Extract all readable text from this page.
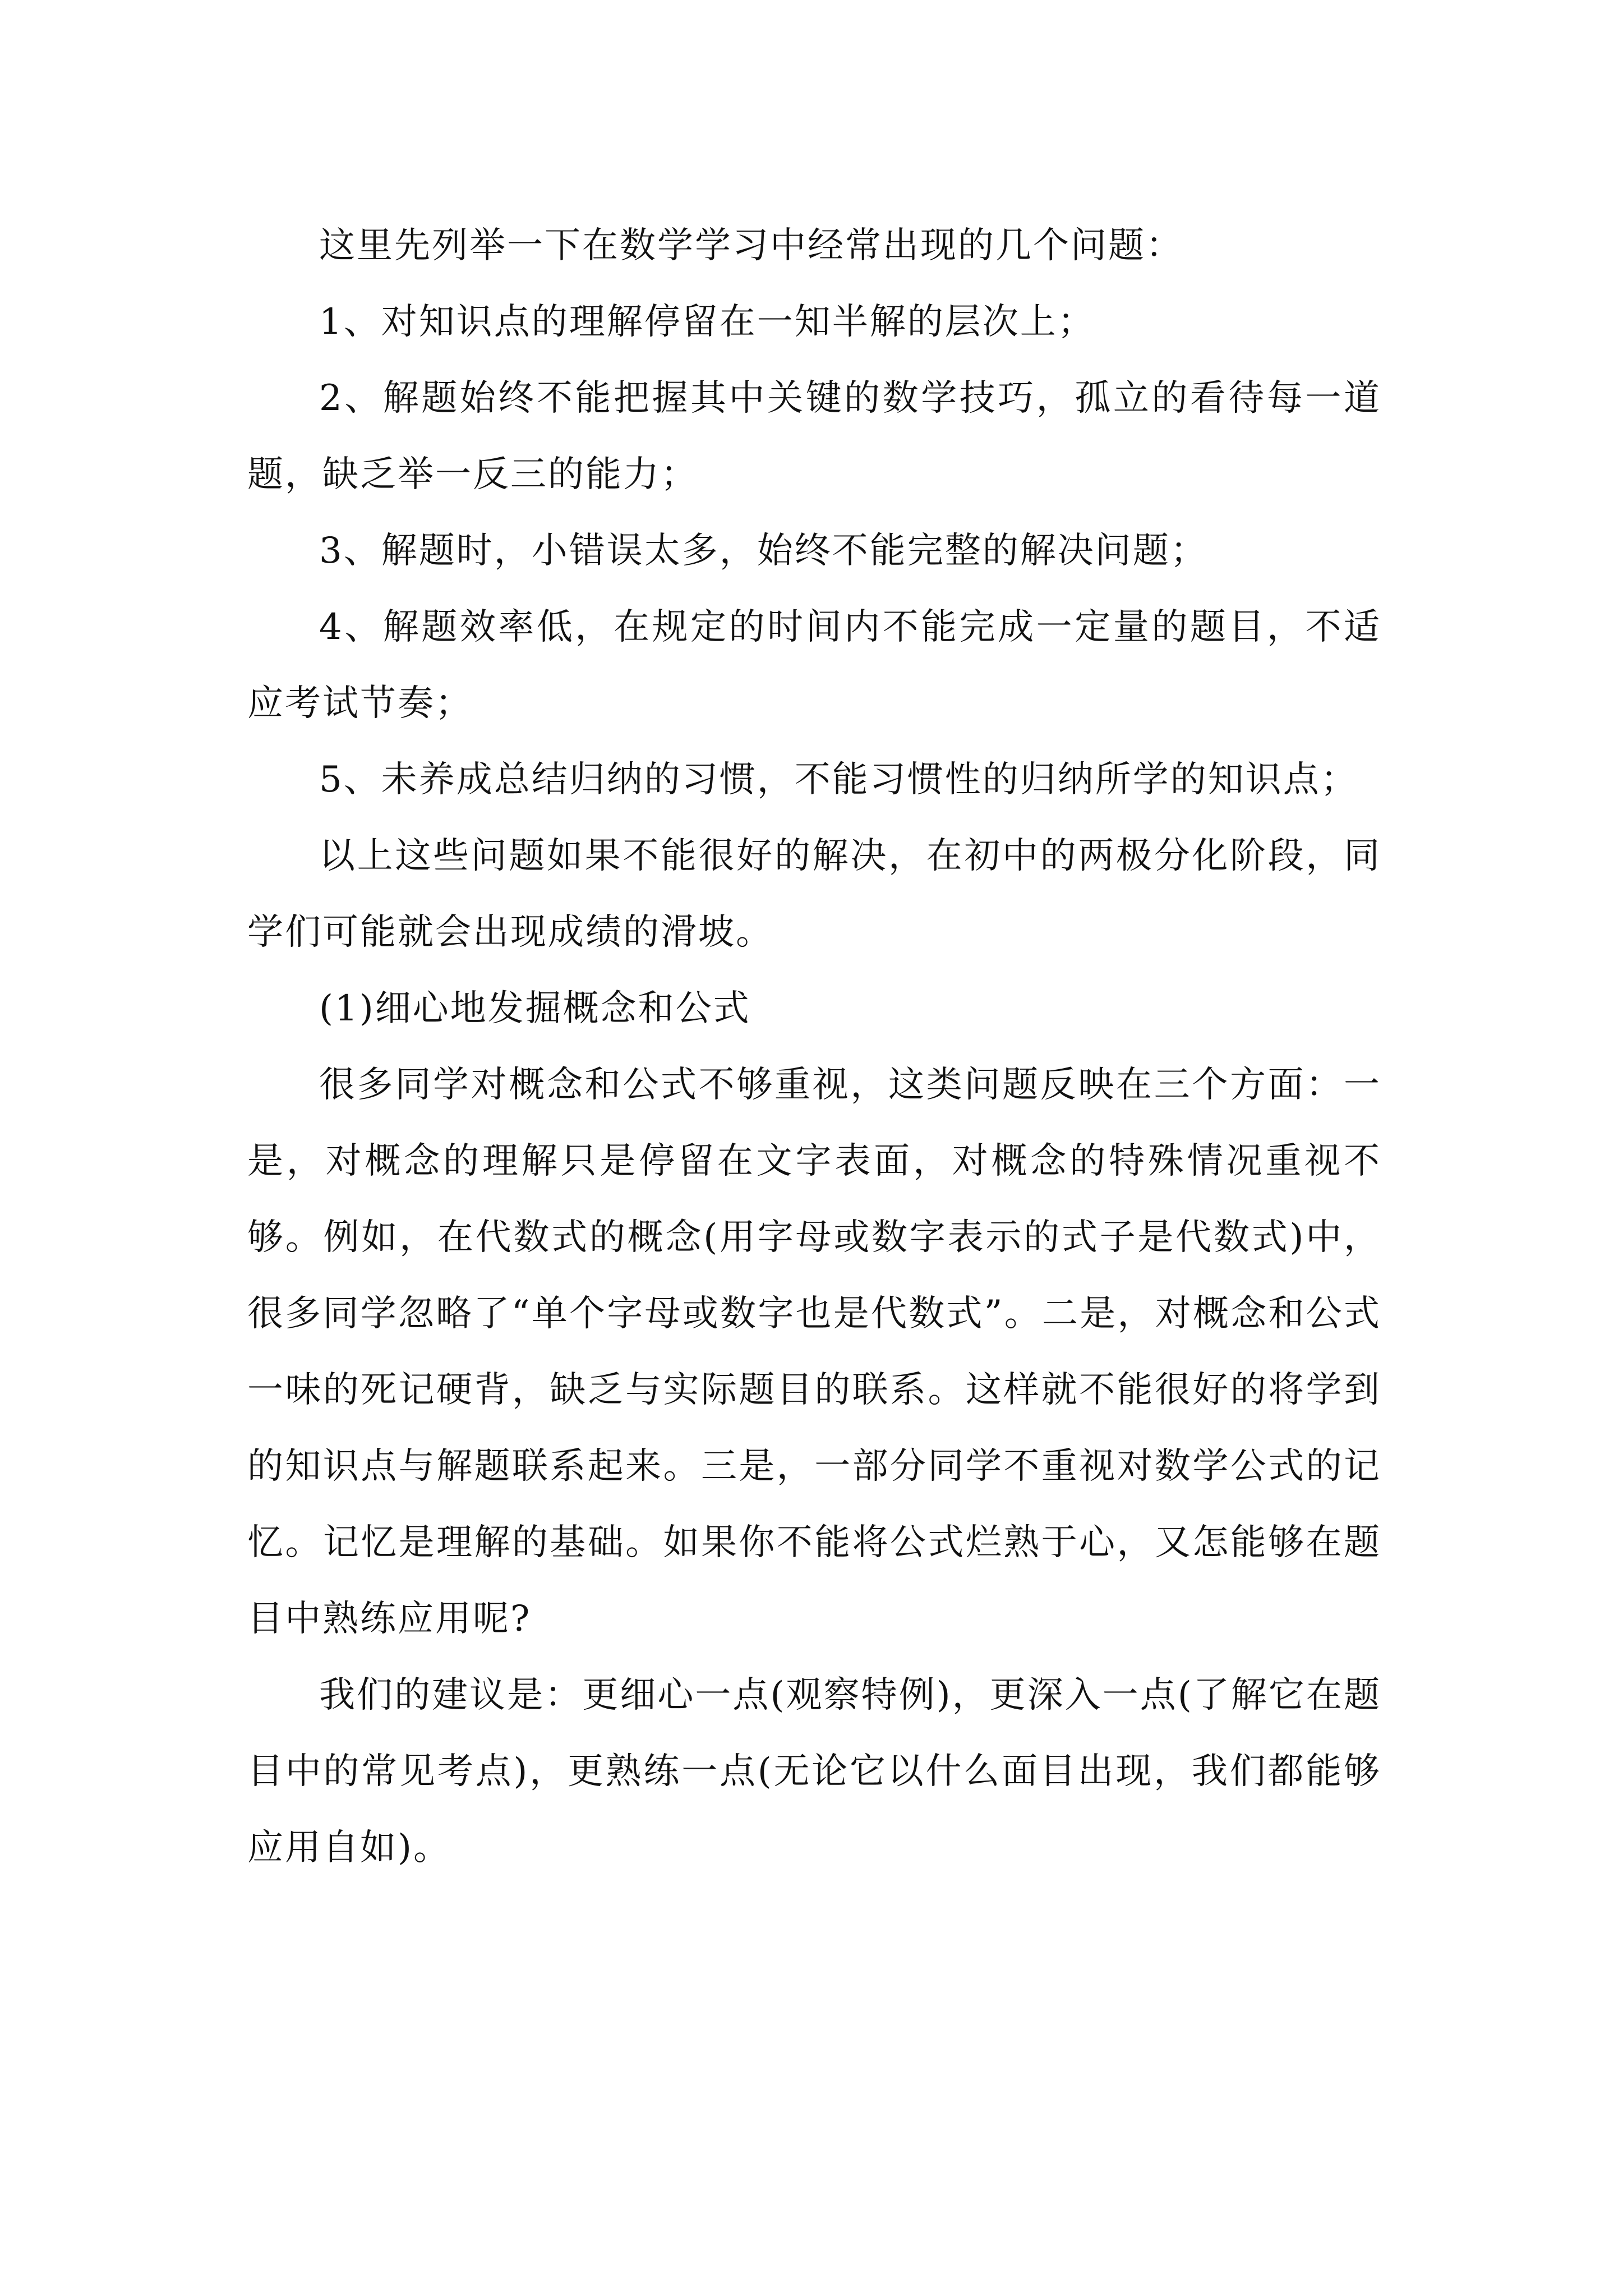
这里先列举一下在数学学习中经常出现的几个问题：

1、对知识点的理解停留在一知半解的层次上；

2、解题始终不能把握其中关键的数学技巧，孤立的看待每一道题，缺乏举一反三的能力；

3、解题时，小错误太多，始终不能完整的解决问题；

4、解题效率低，在规定的时间内不能完成一定量的题目，不适应考试节奏；

5、未养成总结归纳的习惯，不能习惯性的归纳所学的知识点；

以上这些问题如果不能很好的解决，在初中的两极分化阶段，同学们可能就会出现成绩的滑坡。

(1)细心地发掘概念和公式

很多同学对概念和公式不够重视，这类问题反映在三个方面：一是，对概念的理解只是停留在文字表面，对概念的特殊情况重视不够。例如，在代数式的概念(用字母或数字表示的式子是代数式)中，很多同学忽略了“单个字母或数字也是代数式”。二是，对概念和公式一味的死记硬背，缺乏与实际题目的联系。这样就不能很好的将学到的知识点与解题联系起来。三是，一部分同学不重视对数学公式的记忆。记忆是理解的基础。如果你不能将公式烂熟于心，又怎能够在题目中熟练应用呢?

我们的建议是：更细心一点(观察特例)，更深入一点(了解它在题目中的常见考点)，更熟练一点(无论它以什么面目出现，我们都能够应用自如)。
